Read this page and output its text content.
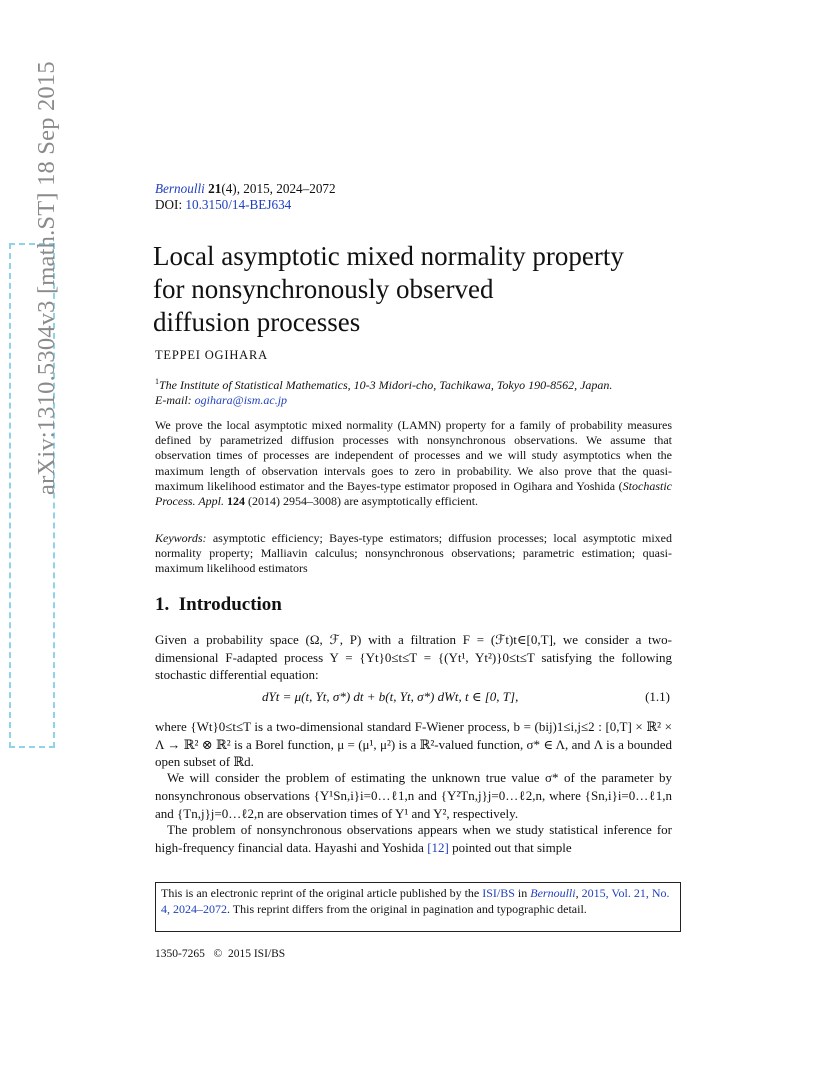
arXiv:1310.5304v3 [math.ST] 18 Sep 2015	Bernoulli 21(4), 2015, 2024–2072
DOI: 10.3150/14-BEJ634
Local asymptotic mixed normality property
for nonsynchronously observed
diffusion processes
TEPPEI OGIHARA
$^1$The Institute of Statistical Mathematics, 10-3 Midori-cho, Tachikawa, Tokyo 190-8562, Japan.
E-mail: ogihara@ism.ac.jp

We prove the local asymptotic mixed normality (LAMN) property for a family of probability measures defined by parametrized diffusion processes with nonsynchronous observations. We assume that observation times of processes are independent of processes and we will study asymptotics when the maximum length of observation intervals goes to zero in probability. We also prove that the quasi-maximum likelihood estimator and the Bayes-type estimator proposed in Ogihara and Yoshida (Stochastic Process. Appl. 124 (2014) 2954–3008) are asymptotically efficient.

Keywords: asymptotic efficiency; Bayes-type estimators; diffusion processes; local asymptotic mixed normality property; Malliavin calculus; nonsynchronous observations; parametric estimation; quasi-maximum likelihood estimators

1. Introduction

Given a probability space (Ω, ℱ, P) with a filtration F = (ℱt)t∈[0,T], we consider a two-dimensional F-adapted process Y = {Yt}0≤t≤T = {(Yt¹, Yt²)}0≤t≤T satisfying the following stochastic differential equation:

dYt = μ(t, Yt, σ*) dt + b(t, Yt, σ*) dWt, t ∈ [0, T],	(1.1)

where {Wt}0≤t≤T is a two-dimensional standard F-Wiener process, b = (bij)1≤i,j≤2 : [0,T] × ℝ² × Λ → ℝ² ⊗ ℝ² is a Borel function, μ = (μ¹, μ²) is a ℝ²-valued function, σ* ∈ Λ, and Λ is a bounded open subset of ℝd.

We will consider the problem of estimating the unknown true value σ* of the parameter by nonsynchronous observations {Y¹Sn,i}i=0…ℓ1,n and {Y²Tn,j}j=0…ℓ2,n, where {Sn,i}i=0…ℓ1,n and {Tn,j}j=0…ℓ2,n are observation times of Y¹ and Y², respectively.

The problem of nonsynchronous observations appears when we study statistical inference for high-frequency financial data. Hayashi and Yoshida [12] pointed out that simple

This is an electronic reprint of the original article published by the ISI/BS in Bernoulli, 2015, Vol. 21, No. 4, 2024–2072. This reprint differs from the original in pagination and typographic detail.
1350-7265 © 2015 ISI/BS
